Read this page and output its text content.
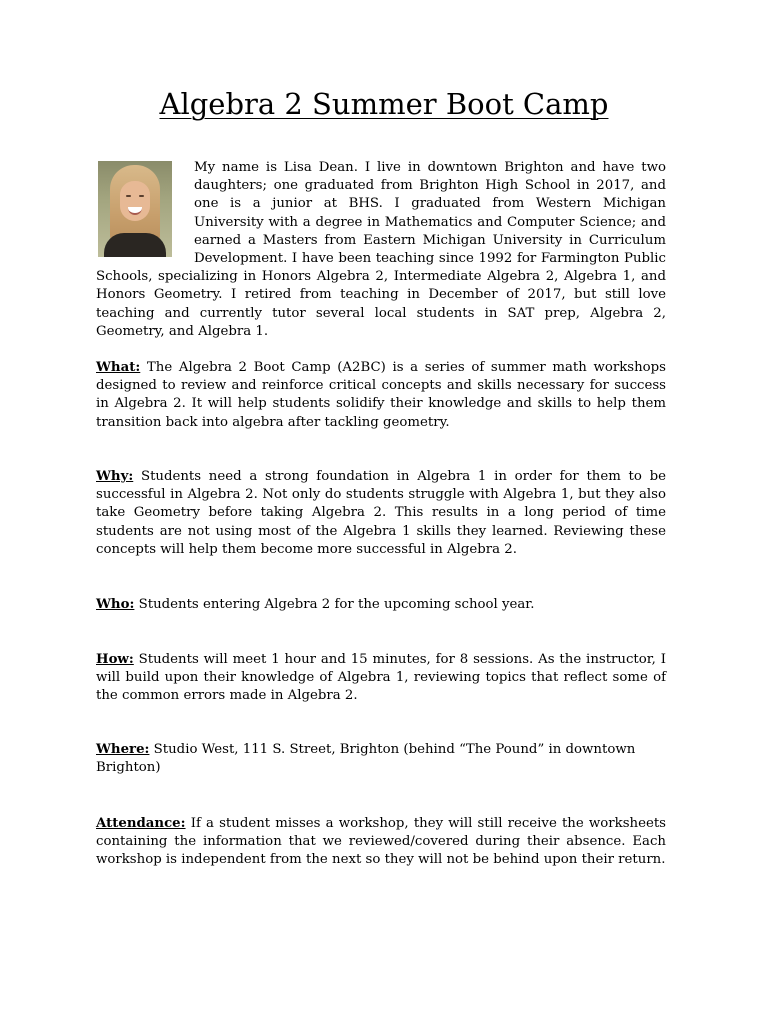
Algebra 2 Summer Boot Camp
My name is Lisa Dean. I live in downtown Brighton and have two daughters; one graduated from Brighton High School in 2017, and one is a junior at BHS. I graduated from Western Michigan University with a degree in Mathematics and Computer Science; and earned a Masters from Eastern Michigan University in Curriculum Development. I have been teaching since 1992 for Farmington Public Schools, specializing in Honors Algebra 2, Intermediate Algebra 2, Algebra 1, and Honors Geometry. I retired from teaching in December of 2017, but still love teaching and currently tutor several local students in SAT prep, Algebra 2, Geometry, and Algebra 1.

What: The Algebra 2 Boot Camp (A2BC) is a series of summer math workshops designed to review and reinforce critical concepts and skills necessary for success in Algebra 2. It will help students solidify their knowledge and skills to help them transition back into algebra after tackling geometry.

Why: Students need a strong foundation in Algebra 1 in order for them to be successful in Algebra 2. Not only do students struggle with Algebra 1, but they also take Geometry before taking Algebra 2. This results in a long period of time students are not using most of the Algebra 1 skills they learned. Reviewing these concepts will help them become more successful in Algebra 2.

Who: Students entering Algebra 2 for the upcoming school year.

How: Students will meet 1 hour and 15 minutes, for 8 sessions. As the instructor, I will build upon their knowledge of Algebra 1, reviewing topics that reflect some of the common errors made in Algebra 2.

Where: Studio West, 111 S. Street, Brighton (behind “The Pound” in downtown Brighton)

Attendance: If a student misses a workshop, they will still receive the worksheets containing the information that we reviewed/covered during their absence. Each workshop is independent from the next so they will not be behind upon their return.
